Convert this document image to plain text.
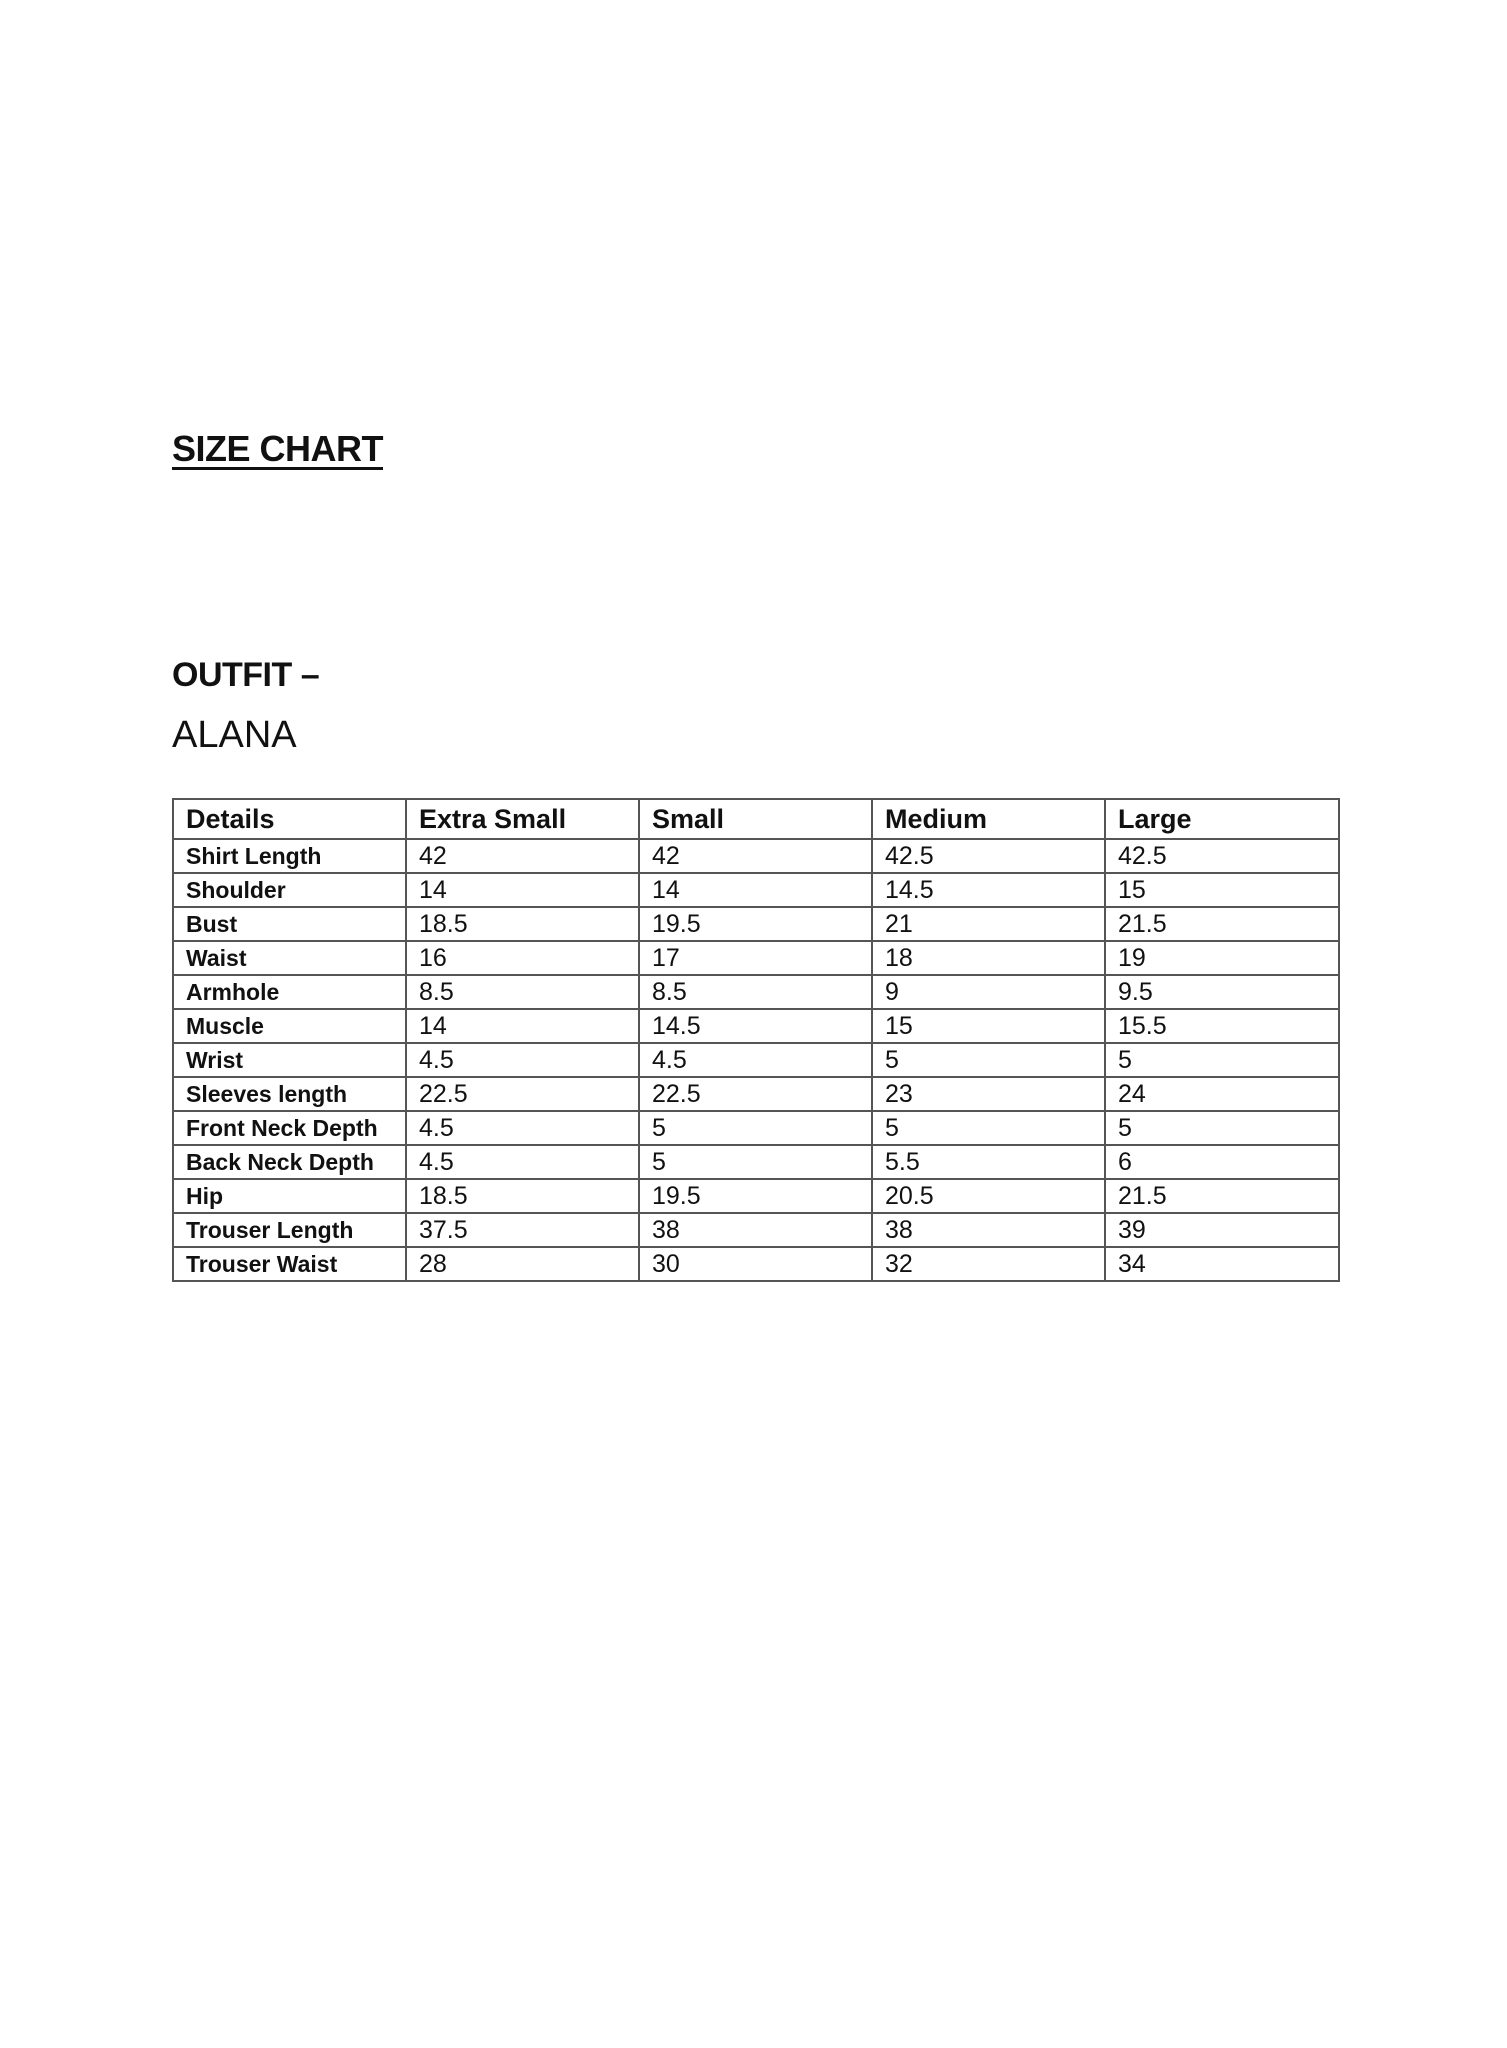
SIZE CHART
OUTFIT –
ALANA
Details	Extra Small	Small	Medium	Large
Shirt Length	42	42	42.5	42.5
Shoulder	14	14	14.5	15
Bust	18.5	19.5	21	21.5
Waist	16	17	18	19
Armhole	8.5	8.5	9	9.5
Muscle	14	14.5	15	15.5
Wrist	4.5	4.5	5	5
Sleeves length	22.5	22.5	23	24
Front Neck Depth	4.5	5	5	5
Back Neck Depth	4.5	5	5.5	6
Hip	18.5	19.5	20.5	21.5
Trouser Length	37.5	38	38	39
Trouser Waist	28	30	32	34
